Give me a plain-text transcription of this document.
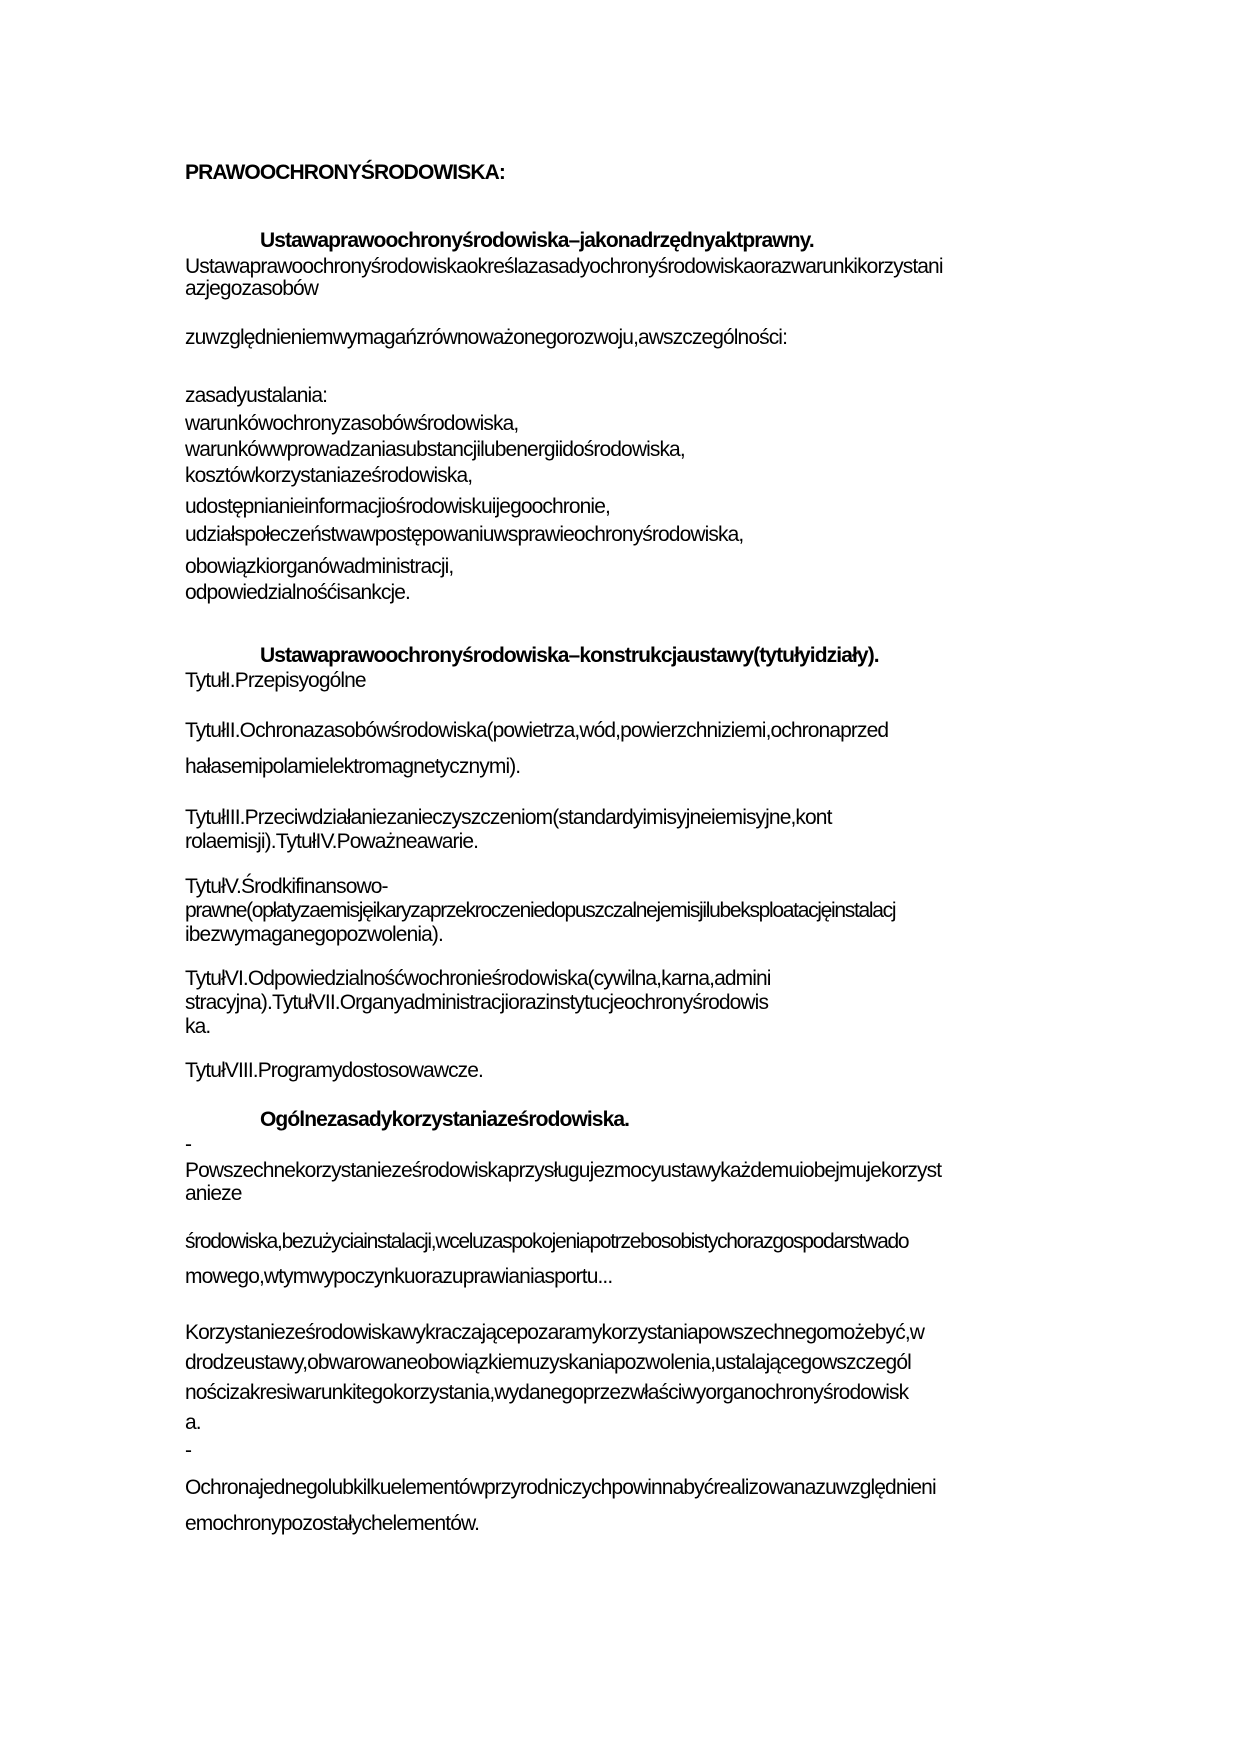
PRAWOOCHRONYŚRODOWISKA:

Ustawaprawoochronyśrodowiska–jakonadrzędnyaktprawny.

Ustawaprawoochronyśrodowiskaokreślazasadyochronyśrodowiskaorazwarunkikorzystani

azjegozasobów

zuwzględnieniemwymagańzrównoważonegorozwoju,awszczególności:

zasadyustalania:

warunkówochronyzasobówśrodowiska,

warunkówwprowadzaniasubstancjilubenergiidośrodowiska,

kosztówkorzystaniaześrodowiska,

udostępnianieinformacjiośrodowiskuijegoochronie,

udziałspołeczeństwawpostępowaniuwsprawieochronyśrodowiska,

obowiązkiorganówadministracji,

odpowiedzialnośćisankcje.

Ustawaprawoochronyśrodowiska–konstrukcjaustawy(tytułyidziały).

TytułI.Przepisyogólne

TytułII.Ochronazasobówśrodowiska(powietrza,wód,powierzchniziemi,ochronaprzed

hałasemipolamielektromagnetycznymi).

TytułIII.Przeciwdziałaniezanieczyszczeniom(standardyimisyjneiemisyjne,kont

rolaemisji).TytułIV.Poważneawarie.

TytułV.Środkifinansowo-

prawne(opłatyzaemisjęikaryzaprzekroczeniedopuszczalnejemisjilubeksploatacjęinstalacj

ibezwymaganegopozwolenia).

TytułVI.Odpowiedzialnośćwochronieśrodowiska(cywilna,karna,admini

stracyjna).TytułVII.Organyadministracjiorazinstytucjeochronyśrodowis

ka.

TytułVIII.Programydostosowawcze.

Ogólnezasadykorzystaniaześrodowiska.

-

Powszechnekorzystanieześrodowiskaprzysługujezmocyustawykażdemuiobejmujekorzyst

anieze

środowiska,bezużyciainstalacji,wceluzaspokojeniapotrzebosobistychorazgospodarstwado

mowego,wtymwypoczynkuorazuprawianiasportu...

Korzystanieześrodowiskawykraczającepozaramykorzystaniapowszechnegomożebyć,w

drodzeustawy,obwarowaneobowiązkiemuzyskaniapozwolenia,ustalającegowszczegól

nościzakresiwarunkitegokorzystania,wydanegoprzezwłaściwyorganochronyśrodowisk

a.

-

Ochronajednegolubkilkuelementówprzyrodniczychpowinnabyćrealizowanazuwzględnieni

emochronypozostałychelementów.
